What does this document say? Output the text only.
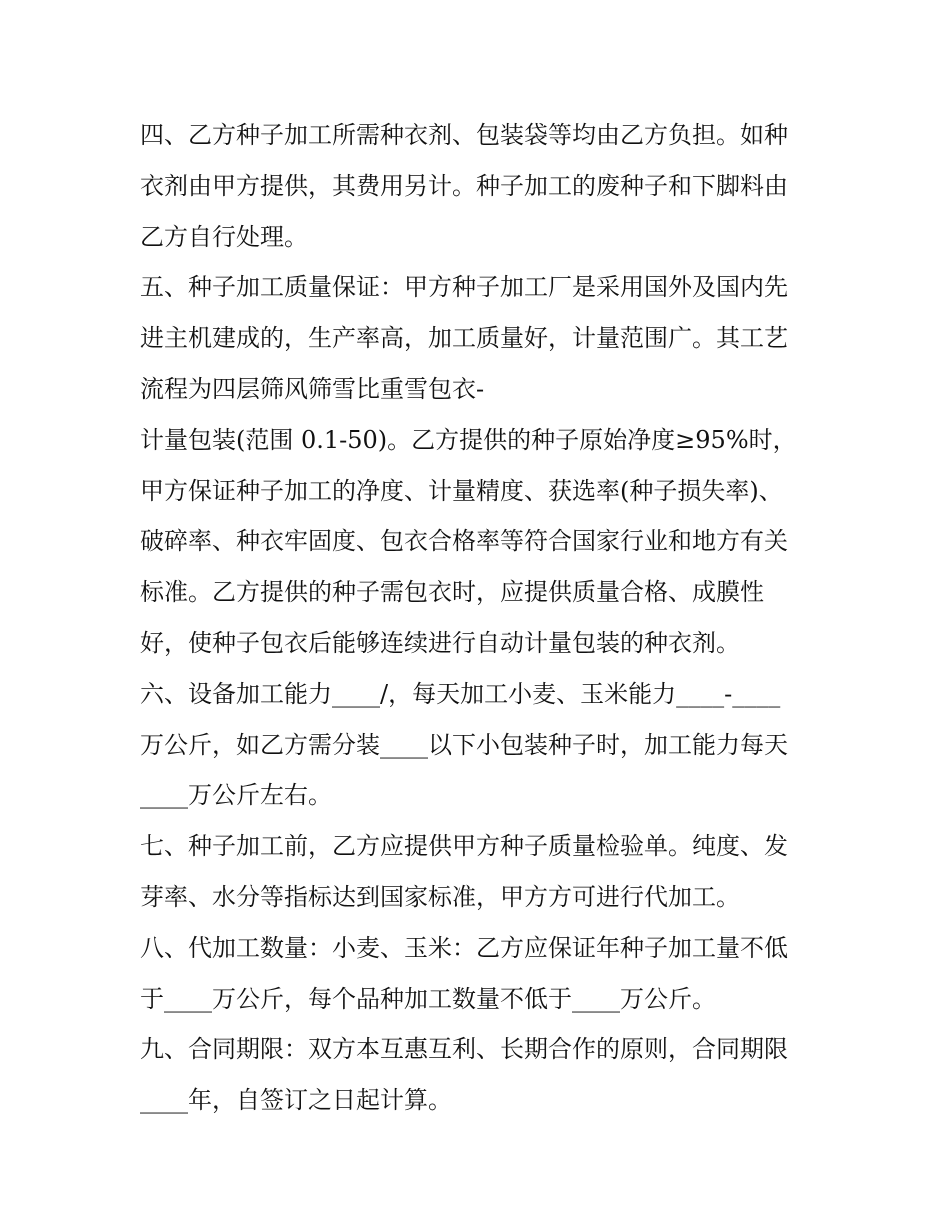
四、乙方种子加工所需种衣剂、包装袋等均由乙方负担。如种
衣剂由甲方提供，其费用另计。种子加工的废种子和下脚料由
乙方自行处理。
五、种子加工质量保证：甲方种子加工厂是采用国外及国内先
进主机建成的，生产率高，加工质量好，计量范围广。其工艺
流程为四层筛风筛雪比重雪包衣-
计量包装(范围 0.1-50)。乙方提供的种子原始净度≥95%时，
甲方保证种子加工的净度、计量精度、获选率(种子损失率)、
破碎率、种衣牢固度、包衣合格率等符合国家行业和地方有关
标准。乙方提供的种子需包衣时，应提供质量合格、成膜性
好，使种子包衣后能够连续进行自动计量包装的种衣剂。
六、设备加工能力____/，每天加工小麦、玉米能力____-____
万公斤，如乙方需分装____以下小包装种子时，加工能力每天
____万公斤左右。
七、种子加工前，乙方应提供甲方种子质量检验单。纯度、发
芽率、水分等指标达到国家标准，甲方方可进行代加工。
八、代加工数量：小麦、玉米：乙方应保证年种子加工量不低
于____万公斤，每个品种加工数量不低于____万公斤。
九、合同期限：双方本互惠互利、长期合作的原则，合同期限
____年，自签订之日起计算。
